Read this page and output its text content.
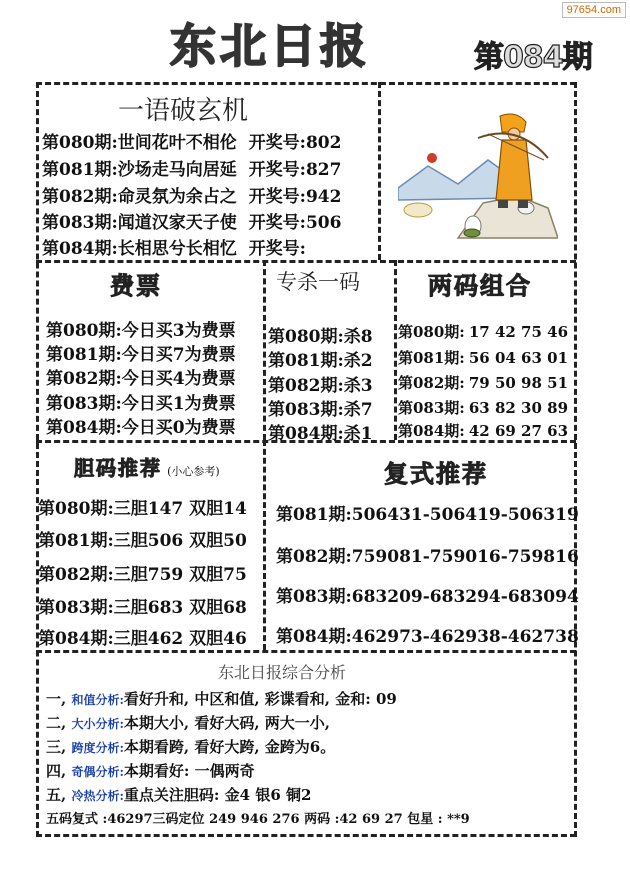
97654.com
东北日报	第084期
一语破玄机
第080期:世间花叶不相伦 开奖号:802
第081期:沙场走马向居延 开奖号:827
第082期:命灵氛为余占之 开奖号:942
第083期:闻道汉家天子使 开奖号:506
第084期:长相思兮长相忆 开奖号:
费票
第080期:今日买3为费票
第081期:今日买7为费票
第082期:今日买4为费票
第083期:今日买1为费票
第084期:今日买0为费票
专杀一码
第080期:杀8
第081期:杀2
第082期:杀3
第083期:杀7
第084期:杀1
两码组合
第080期: 17 42 75 46
第081期: 56 04 63 01
第082期: 79 50 98 51
第083期: 63 82 30 89
第084期: 42 69 27 63
胆码推荐 (小心参考)
第080期:三胆147 双胆14
第081期:三胆506 双胆50
第082期:三胆759 双胆75
第083期:三胆683 双胆68
第084期:三胆462 双胆46
复式推荐
第081期:506431-506419-506319
第082期:759081-759016-759816
第083期:683209-683294-683094
第084期:462973-462938-462738
东北日报综合分析
一, 和值分析:看好升和, 中区和值, 彩谍看和, 金和: 09
二, 大小分析:本期大小, 看好大码, 两大一小,
三, 跨度分析:本期看跨, 看好大跨, 金跨为6。
四, 奇偶分析:本期看好: 一偶两奇
五, 冷热分析:重点关注胆码: 金4 银6 铜2
五码复式 :46297三码定位 249 946 276 两码 :42 69 27 包星 : **9
